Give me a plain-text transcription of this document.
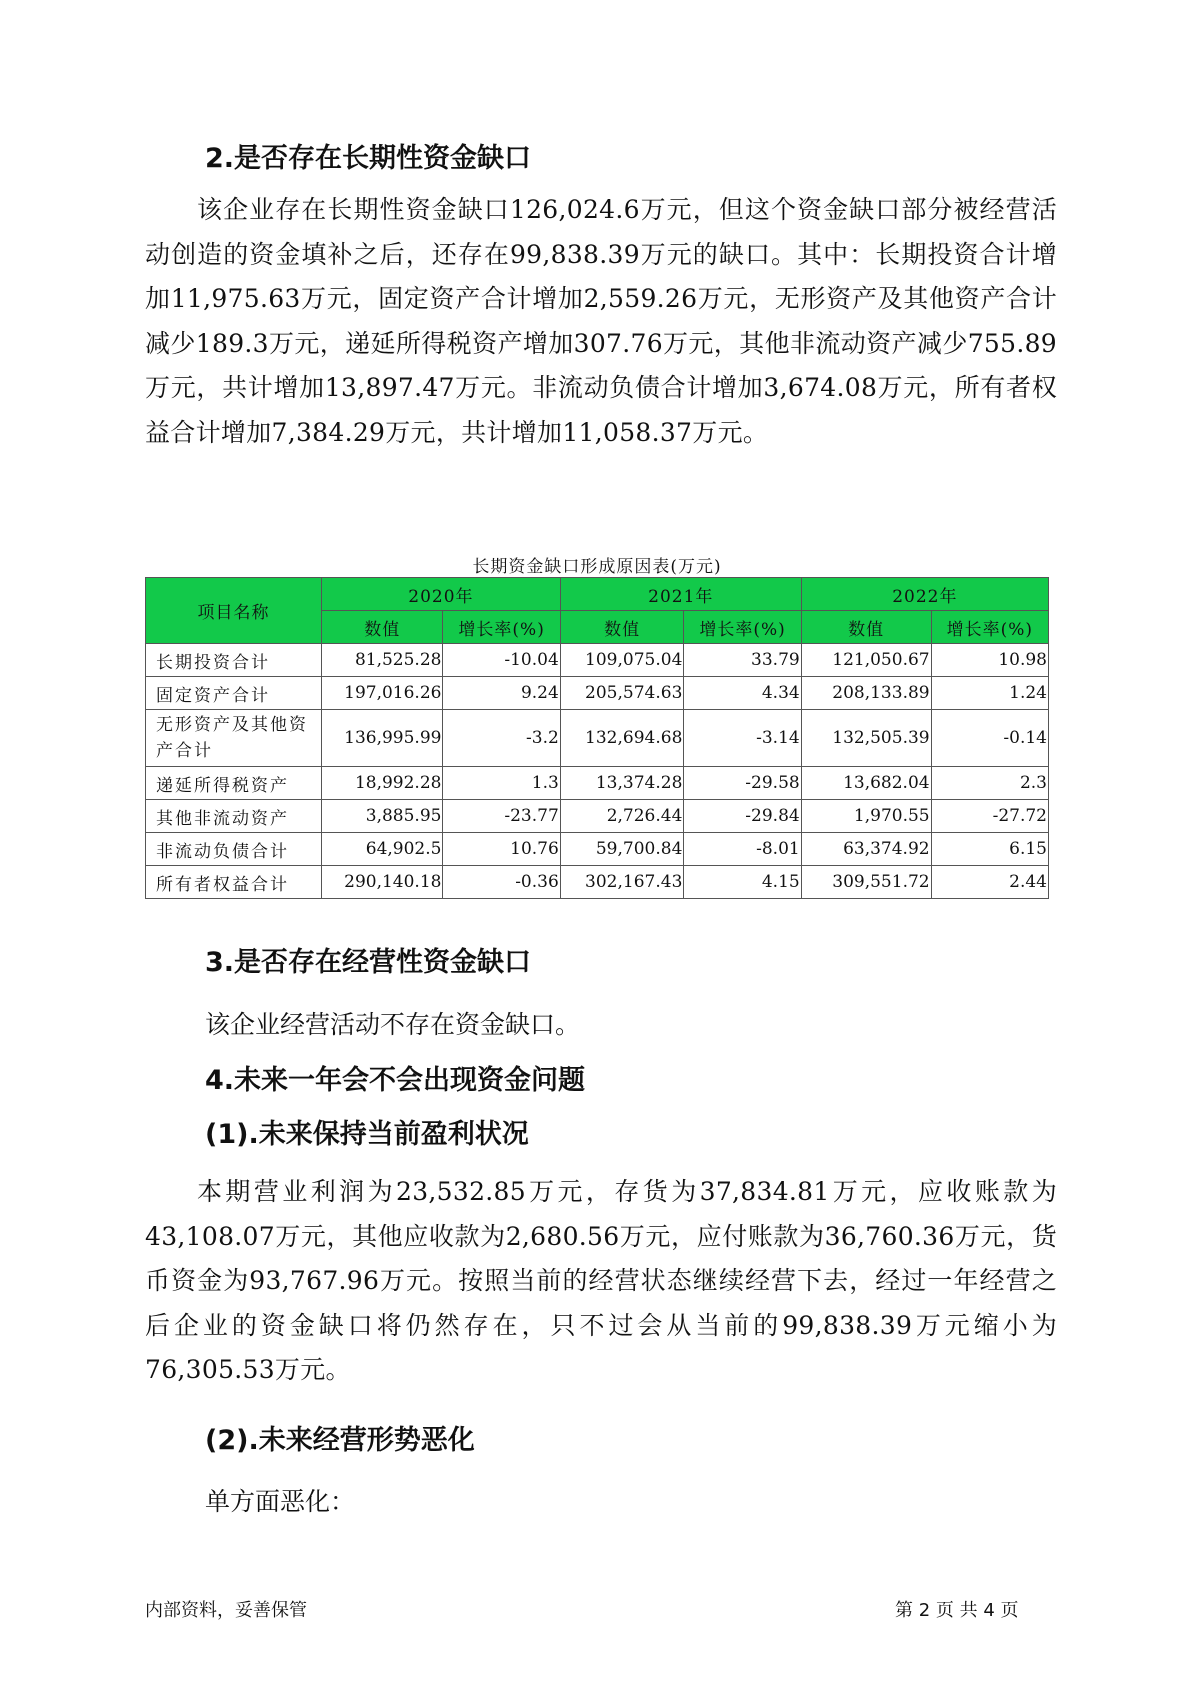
2.是否存在长期性资金缺口

该企业存在长期性资金缺口126,024.6万元，但这个资金缺口部分被经营活动创造的资金填补之后，还存在99,838.39万元的缺口。其中：长期投资合计增加11,975.63万元，固定资产合计增加2,559.26万元，无形资产及其他资产合计减少189.3万元，递延所得税资产增加307.76万元，其他非流动资产减少755.89万元，共计增加13,897.47万元。非流动负债合计增加3,674.08万元，所有者权益合计增加7,384.29万元，共计增加11,058.37万元。

长期资金缺口形成原因表(万元)
项目名称	2020年		2021年		2022年	
	数值	增长率(%)	数值	增长率(%)	数值	增长率(%)
长期投资合计	81,525.28	-10.04	109,075.04	33.79	121,050.67	10.98
固定资产合计	197,016.26	9.24	205,574.63	4.34	208,133.89	1.24
无形资产及其他资产合计	136,995.99	-3.2	132,694.68	-3.14	132,505.39	-0.14
递延所得税资产	18,992.28	1.3	13,374.28	-29.58	13,682.04	2.3
其他非流动资产	3,885.95	-23.77	2,726.44	-29.84	1,970.55	-27.72
非流动负债合计	64,902.5	10.76	59,700.84	-8.01	63,374.92	6.15
所有者权益合计	290,140.18	-0.36	302,167.43	4.15	309,551.72	2.44
3.是否存在经营性资金缺口

该企业经营活动不存在资金缺口。

4.未来一年会不会出现资金问题
(1).未来保持当前盈利状况

本期营业利润为23,532.85万元，存货为37,834.81万元，应收账款为43,108.07万元，其他应收款为2,680.56万元，应付账款为36,760.36万元，货币资金为93,767.96万元。按照当前的经营状态继续经营下去，经过一年经营之后企业的资金缺口将仍然存在，只不过会从当前的99,838.39万元缩小为76,305.53万元。

(2).未来经营形势恶化

单方面恶化：

内部资料，妥善保管	第 2 页 共 4 页
